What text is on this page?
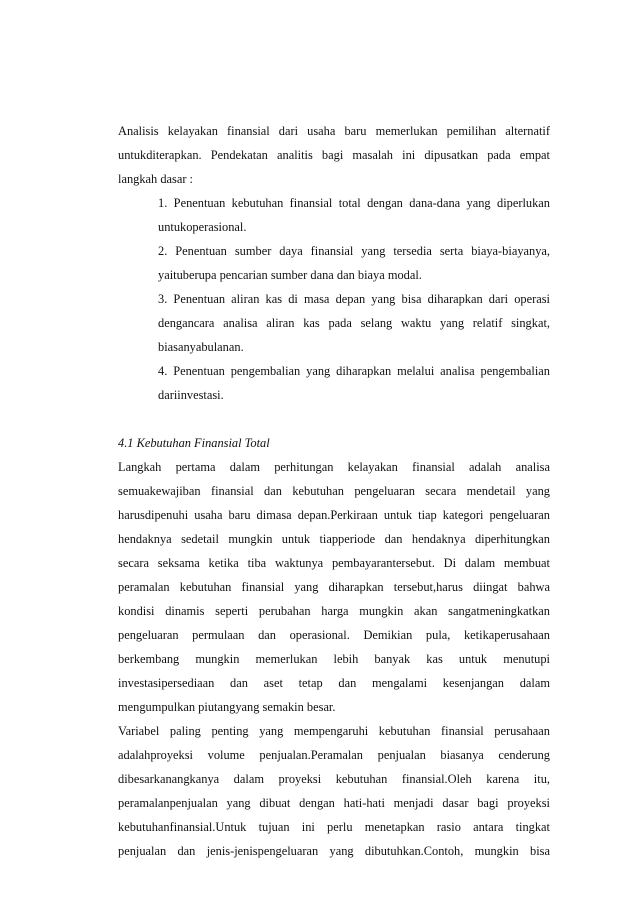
Analisis kelayakan finansial dari usaha baru memerlukan pemilihan alternatif
untukditerapkan. Pendekatan analitis bagi masalah ini dipusatkan pada empat
langkah dasar :
1. Penentuan kebutuhan finansial total dengan dana-dana yang diperlukan
untukoperasional.
2. Penentuan sumber daya finansial yang tersedia serta biaya-biayanya,
yaituberupa pencarian sumber dana dan biaya modal.
3. Penentuan aliran kas di masa depan yang bisa diharapkan dari operasi
dengancara analisa aliran kas pada selang waktu yang relatif singkat,
biasanyabulanan.
4. Penentuan pengembalian yang diharapkan melalui analisa pengembalian
dariinvestasi.
4.1 Kebutuhan Finansial Total
Langkah pertama dalam perhitungan kelayakan finansial adalah analisa
semuakewajiban finansial dan kebutuhan pengeluaran secara mendetail yang
harusdipenuhi usaha baru dimasa depan.Perkiraan untuk tiap kategori pengeluaran
hendaknya sedetail mungkin untuk tiapperiode dan hendaknya diperhitungkan
secara seksama ketika tiba waktunya pembayarantersebut. Di dalam membuat
peramalan kebutuhan finansial yang diharapkan tersebut,harus diingat bahwa
kondisi dinamis seperti perubahan harga mungkin akan sangatmeningkatkan
pengeluaran permulaan dan operasional. Demikian pula, ketikaperusahaan
berkembang mungkin memerlukan lebih banyak kas untuk menutupi
investasipersediaan dan aset tetap dan mengalami kesenjangan dalam
mengumpulkan piutangyang semakin besar.
Variabel paling penting yang mempengaruhi kebutuhan finansial perusahaan
adalahproyeksi volume penjualan.Peramalan penjualan biasanya cenderung
dibesarkanangkanya dalam proyeksi kebutuhan finansial.Oleh karena itu,
peramalanpenjualan yang dibuat dengan hati-hati menjadi dasar bagi proyeksi
kebutuhanfinansial.Untuk tujuan ini perlu menetapkan rasio antara tingkat
penjualan dan jenis-jenispengeluaran yang dibutuhkan.Contoh, mungkin bisa
